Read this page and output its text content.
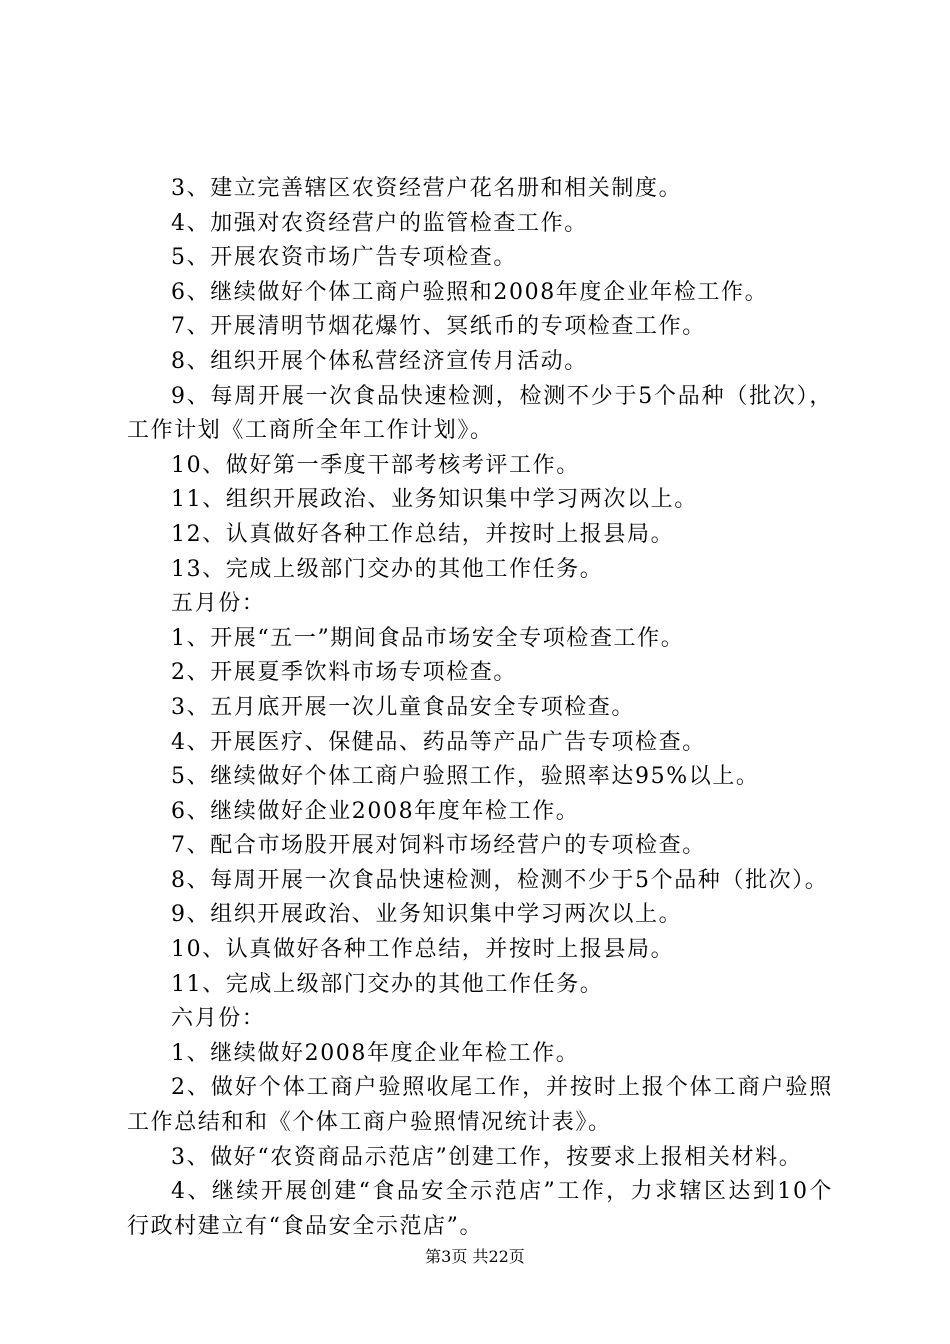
3、建立完善辖区农资经营户花名册和相关制度。

4、加强对农资经营户的监管检查工作。

5、开展农资市场广告专项检查。

6、继续做好个体工商户验照和2008年度企业年检工作。

7、开展清明节烟花爆竹、冥纸币的专项检查工作。

8、组织开展个体私营经济宣传月活动。

9、每周开展一次食品快速检测，检测不少于5个品种（批次），工作计划《工商所全年工作计划》。

10、做好第一季度干部考核考评工作。

11、组织开展政治、业务知识集中学习两次以上。

12、认真做好各种工作总结，并按时上报县局。

13、完成上级部门交办的其他工作任务。

五月份：

1、开展“五一”期间食品市场安全专项检查工作。

2、开展夏季饮料市场专项检查。

3、五月底开展一次儿童食品安全专项检查。

4、开展医疗、保健品、药品等产品广告专项检查。

5、继续做好个体工商户验照工作，验照率达95%以上。

6、继续做好企业2008年度年检工作。

7、配合市场股开展对饲料市场经营户的专项检查。

8、每周开展一次食品快速检测，检测不少于5个品种（批次）。

9、组织开展政治、业务知识集中学习两次以上。

10、认真做好各种工作总结，并按时上报县局。

11、完成上级部门交办的其他工作任务。

六月份：

1、继续做好2008年度企业年检工作。

2、做好个体工商户验照收尾工作，并按时上报个体工商户验照工作总结和和《个体工商户验照情况统计表》。

3、做好“农资商品示范店”创建工作，按要求上报相关材料。

4、继续开展创建“食品安全示范店”工作，力求辖区达到10个行政村建立有“食品安全示范店”。

第3页 共22页
